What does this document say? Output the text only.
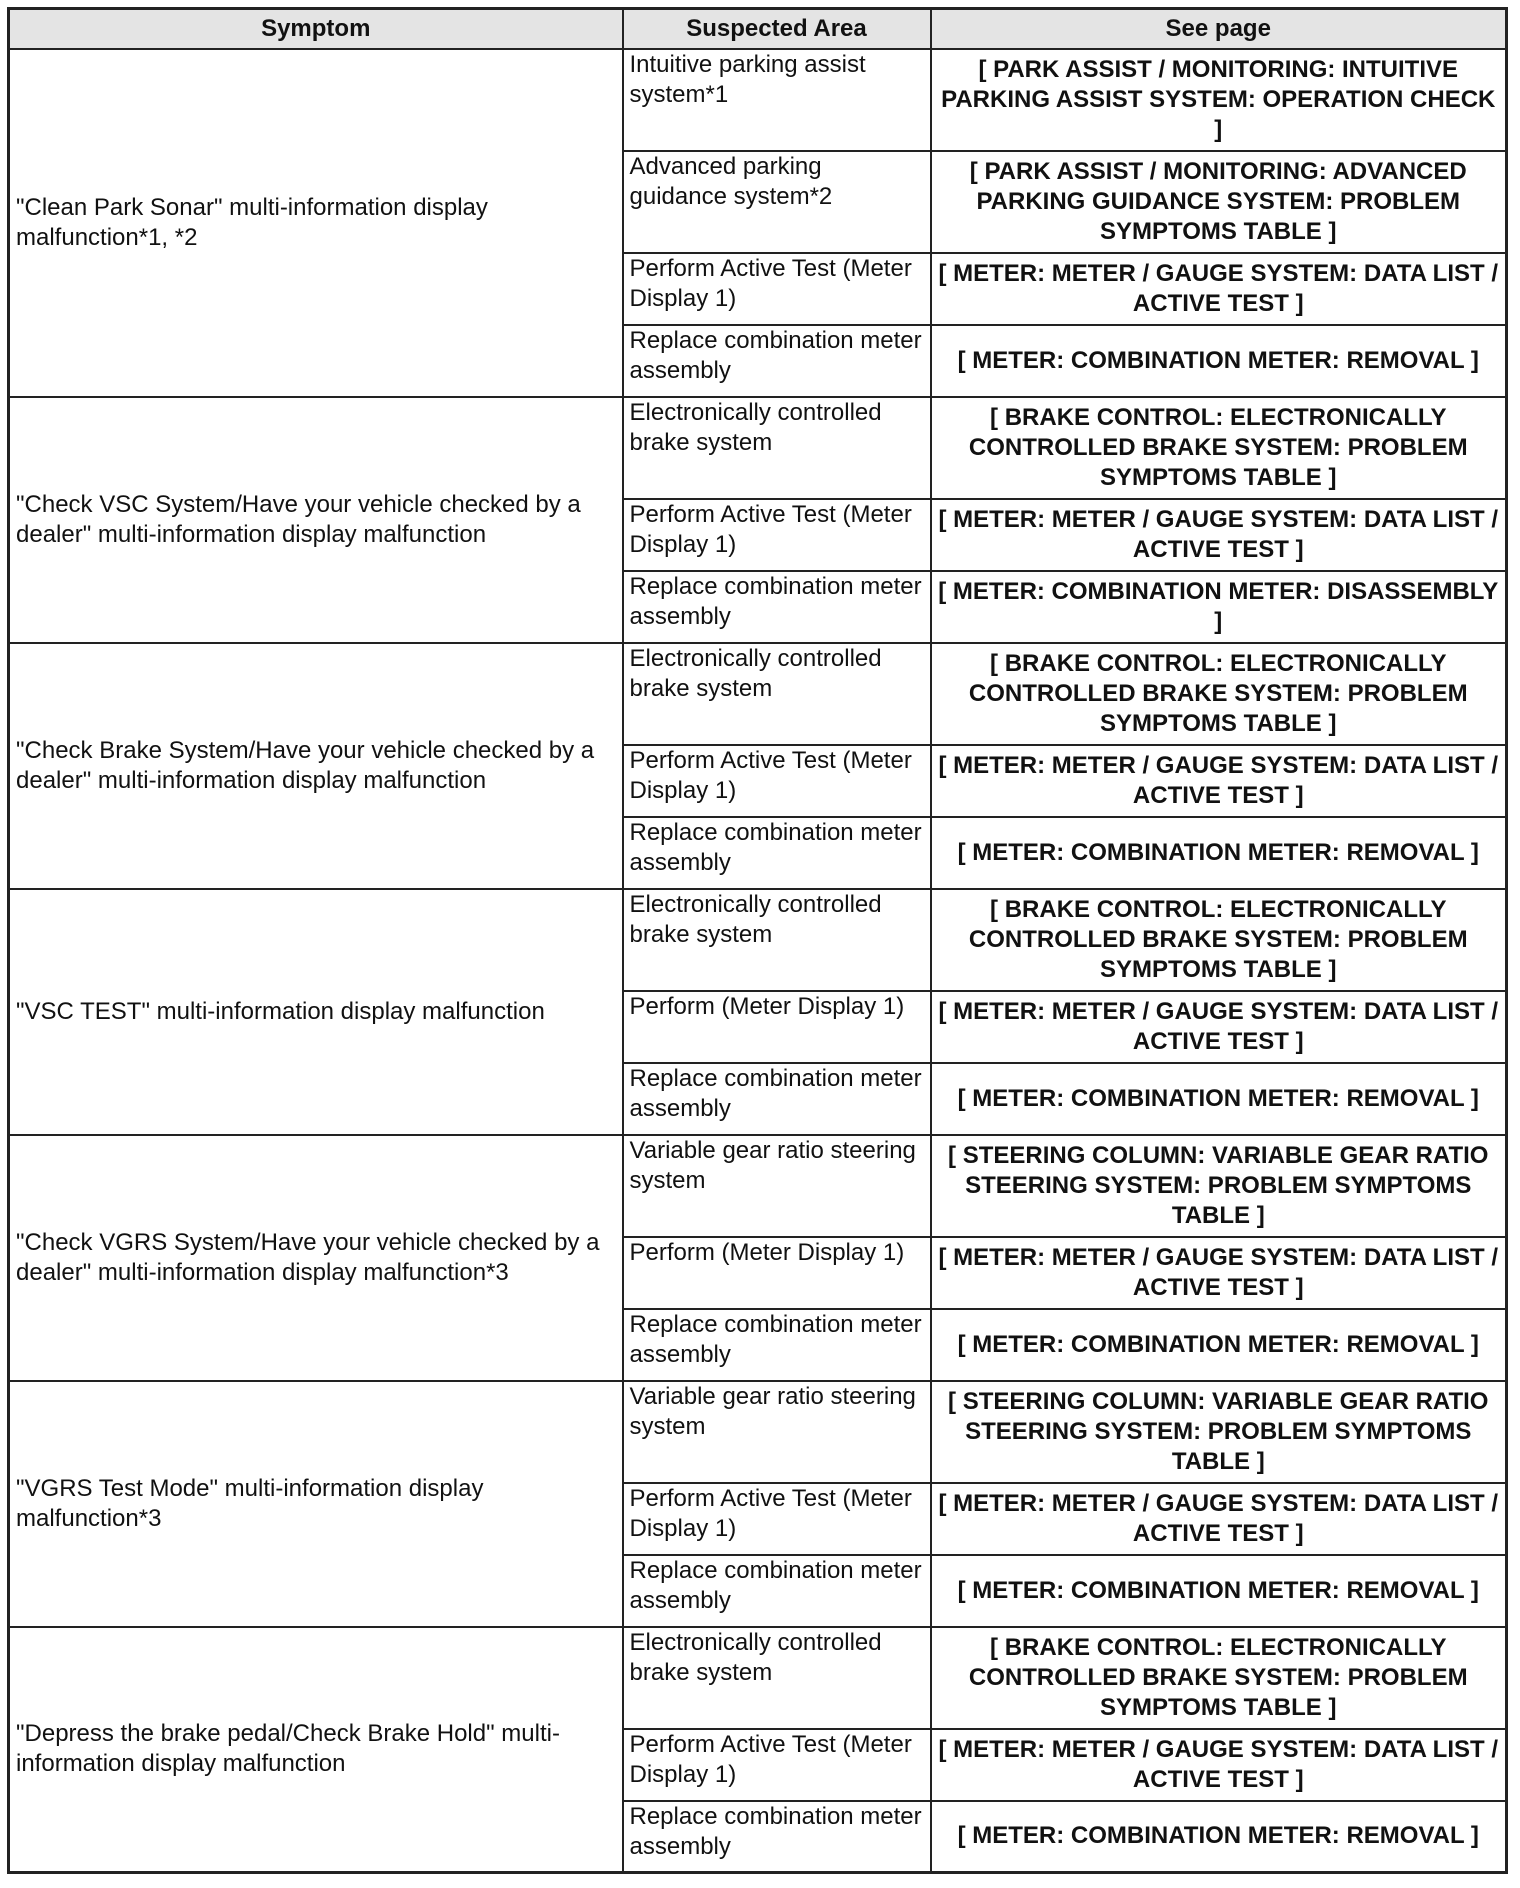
Symptom	Suspected Area	See page
"Clean Park Sonar" multi-information display malfunction*1, *2	Intuitive parking assist system*1	[ PARK ASSIST / MONITORING: INTUITIVE PARKING ASSIST SYSTEM: OPERATION CHECK ]
	Advanced parking guidance system*2	[ PARK ASSIST / MONITORING: ADVANCED PARKING GUIDANCE SYSTEM: PROBLEM SYMPTOMS TABLE ]
	Perform Active Test (Meter Display 1)	[ METER: METER / GAUGE SYSTEM: DATA LIST / ACTIVE TEST ]
	Replace combination meter assembly	[ METER: COMBINATION METER: REMOVAL ]
"Check VSC System/Have your vehicle checked by a dealer" multi-information display malfunction	Electronically controlled brake system	[ BRAKE CONTROL: ELECTRONICALLY CONTROLLED BRAKE SYSTEM: PROBLEM SYMPTOMS TABLE ]
	Perform Active Test (Meter Display 1)	[ METER: METER / GAUGE SYSTEM: DATA LIST / ACTIVE TEST ]
	Replace combination meter assembly	[ METER: COMBINATION METER: DISASSEMBLY ]
"Check Brake System/Have your vehicle checked by a dealer" multi-information display malfunction	Electronically controlled brake system	[ BRAKE CONTROL: ELECTRONICALLY CONTROLLED BRAKE SYSTEM: PROBLEM SYMPTOMS TABLE ]
	Perform Active Test (Meter Display 1)	[ METER: METER / GAUGE SYSTEM: DATA LIST / ACTIVE TEST ]
	Replace combination meter assembly	[ METER: COMBINATION METER: REMOVAL ]
"VSC TEST" multi-information display malfunction	Electronically controlled brake system	[ BRAKE CONTROL: ELECTRONICALLY CONTROLLED BRAKE SYSTEM: PROBLEM SYMPTOMS TABLE ]
	Perform (Meter Display 1)	[ METER: METER / GAUGE SYSTEM: DATA LIST / ACTIVE TEST ]
	Replace combination meter assembly	[ METER: COMBINATION METER: REMOVAL ]
"Check VGRS System/Have your vehicle checked by a dealer" multi-information display malfunction*3	Variable gear ratio steering system	[ STEERING COLUMN: VARIABLE GEAR RATIO STEERING SYSTEM: PROBLEM SYMPTOMS TABLE ]
	Perform (Meter Display 1)	[ METER: METER / GAUGE SYSTEM: DATA LIST / ACTIVE TEST ]
	Replace combination meter assembly	[ METER: COMBINATION METER: REMOVAL ]
"VGRS Test Mode" multi-information display malfunction*3	Variable gear ratio steering system	[ STEERING COLUMN: VARIABLE GEAR RATIO STEERING SYSTEM: PROBLEM SYMPTOMS TABLE ]
	Perform Active Test (Meter Display 1)	[ METER: METER / GAUGE SYSTEM: DATA LIST / ACTIVE TEST ]
	Replace combination meter assembly	[ METER: COMBINATION METER: REMOVAL ]
"Depress the brake pedal/Check Brake Hold" multi-information display malfunction	Electronically controlled brake system	[ BRAKE CONTROL: ELECTRONICALLY CONTROLLED BRAKE SYSTEM: PROBLEM SYMPTOMS TABLE ]
	Perform Active Test (Meter Display 1)	[ METER: METER / GAUGE SYSTEM: DATA LIST / ACTIVE TEST ]
	Replace combination meter assembly	[ METER: COMBINATION METER: REMOVAL ]
